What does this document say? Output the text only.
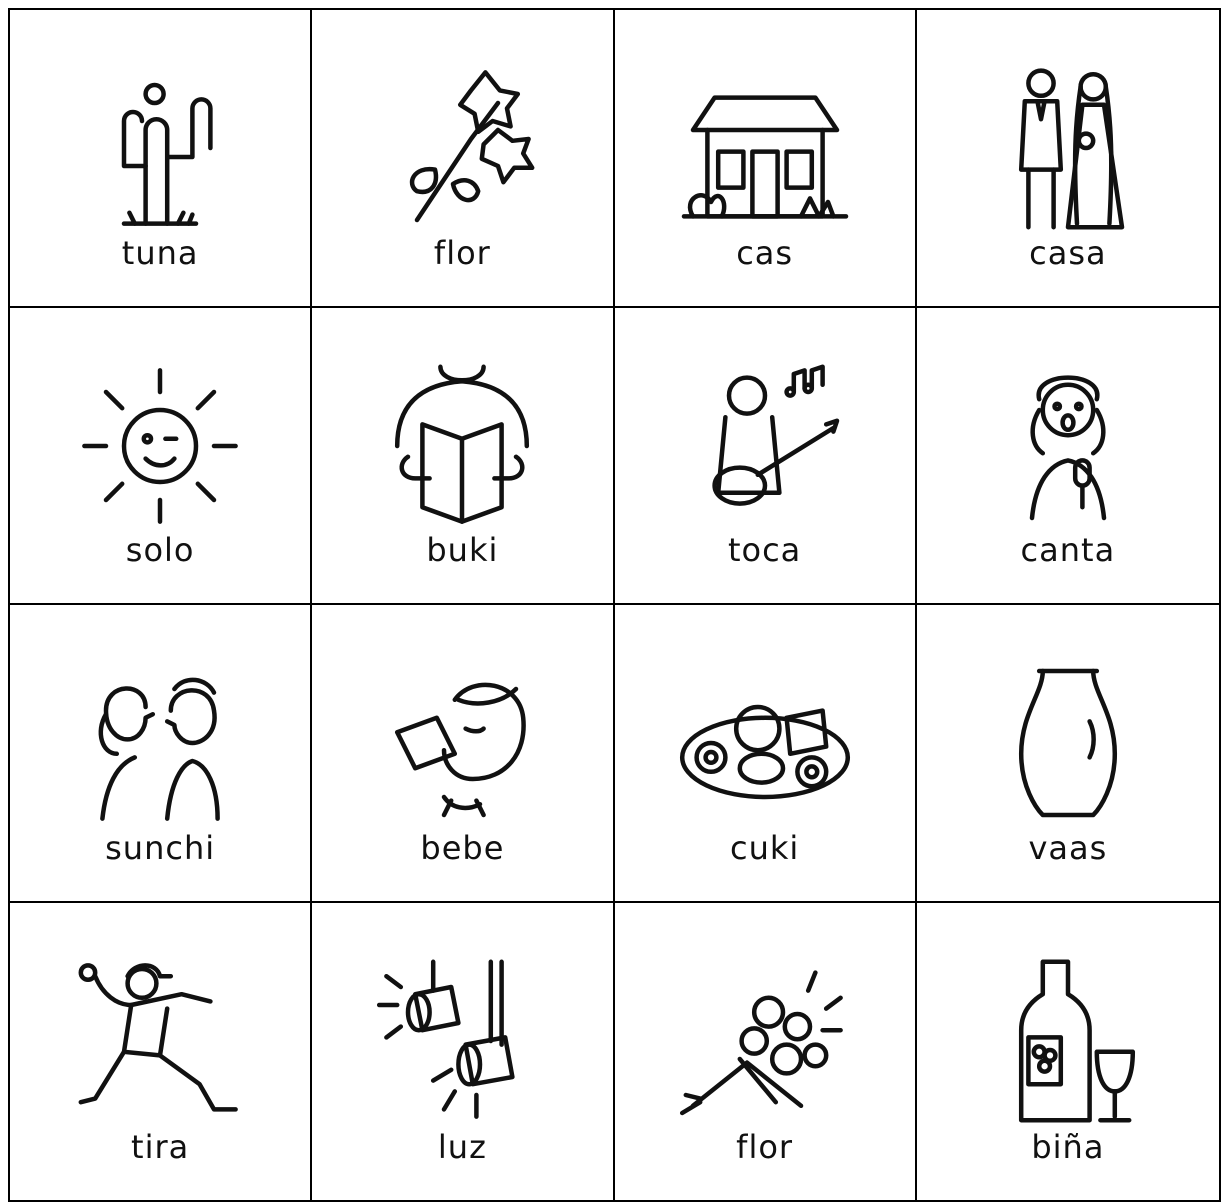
tuna	flor	cas	casa
solo	buki	toca	canta
sunchi	bebe	cuki	vaas
tira	luz	flor	biña
